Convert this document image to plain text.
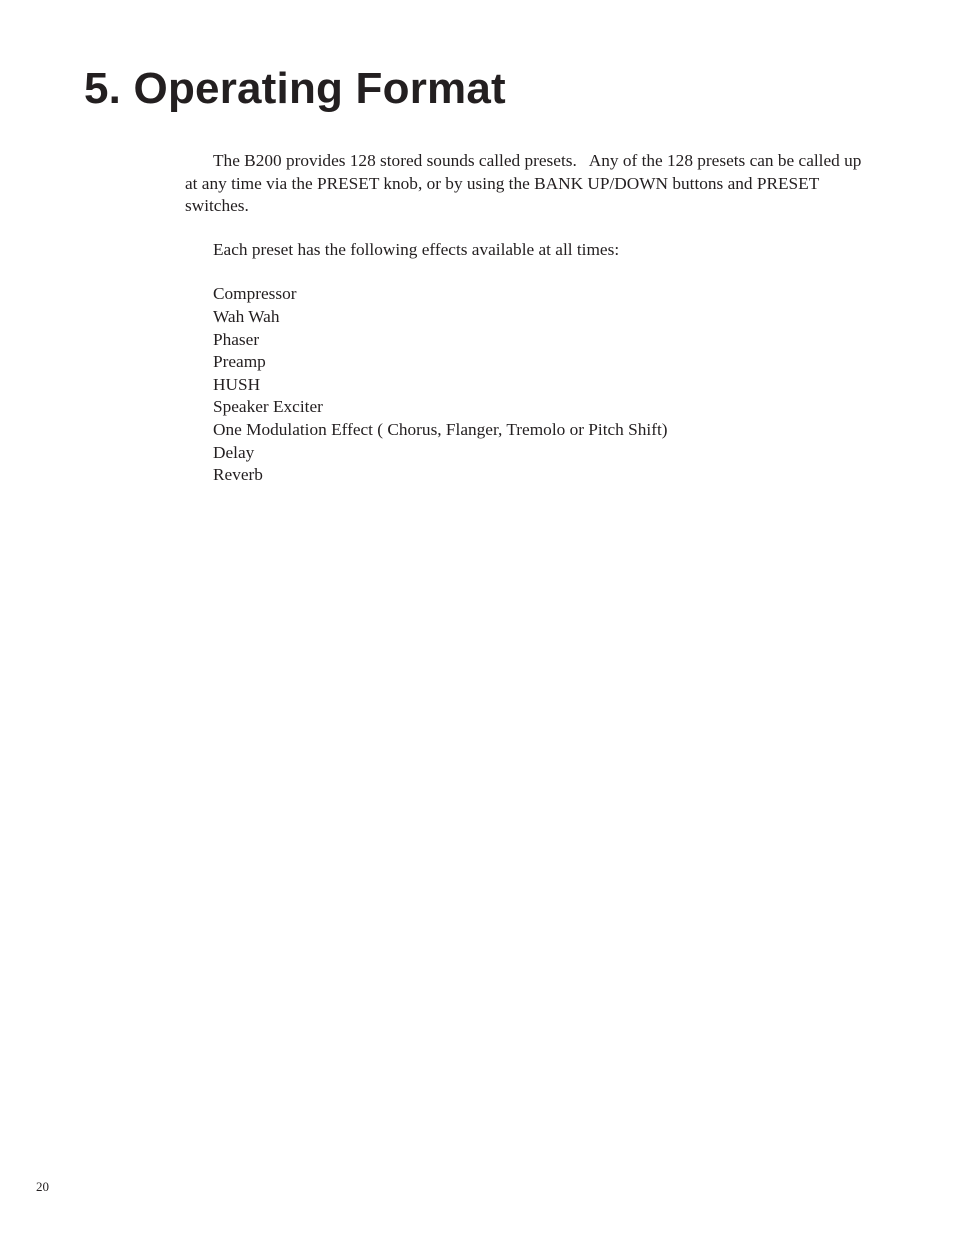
5. Operating Format

The B200 provides 128 stored sounds called presets.   Any of the 128 presets can be called up at any time via the PRESET knob, or by using the BANK UP/DOWN buttons and PRESET switches.

Each preset has the following effects available at all times:

Compressor
Wah Wah
Phaser
Preamp
HUSH
Speaker Exciter
One Modulation Effect ( Chorus, Flanger, Tremolo or Pitch Shift)
Delay
Reverb
20
